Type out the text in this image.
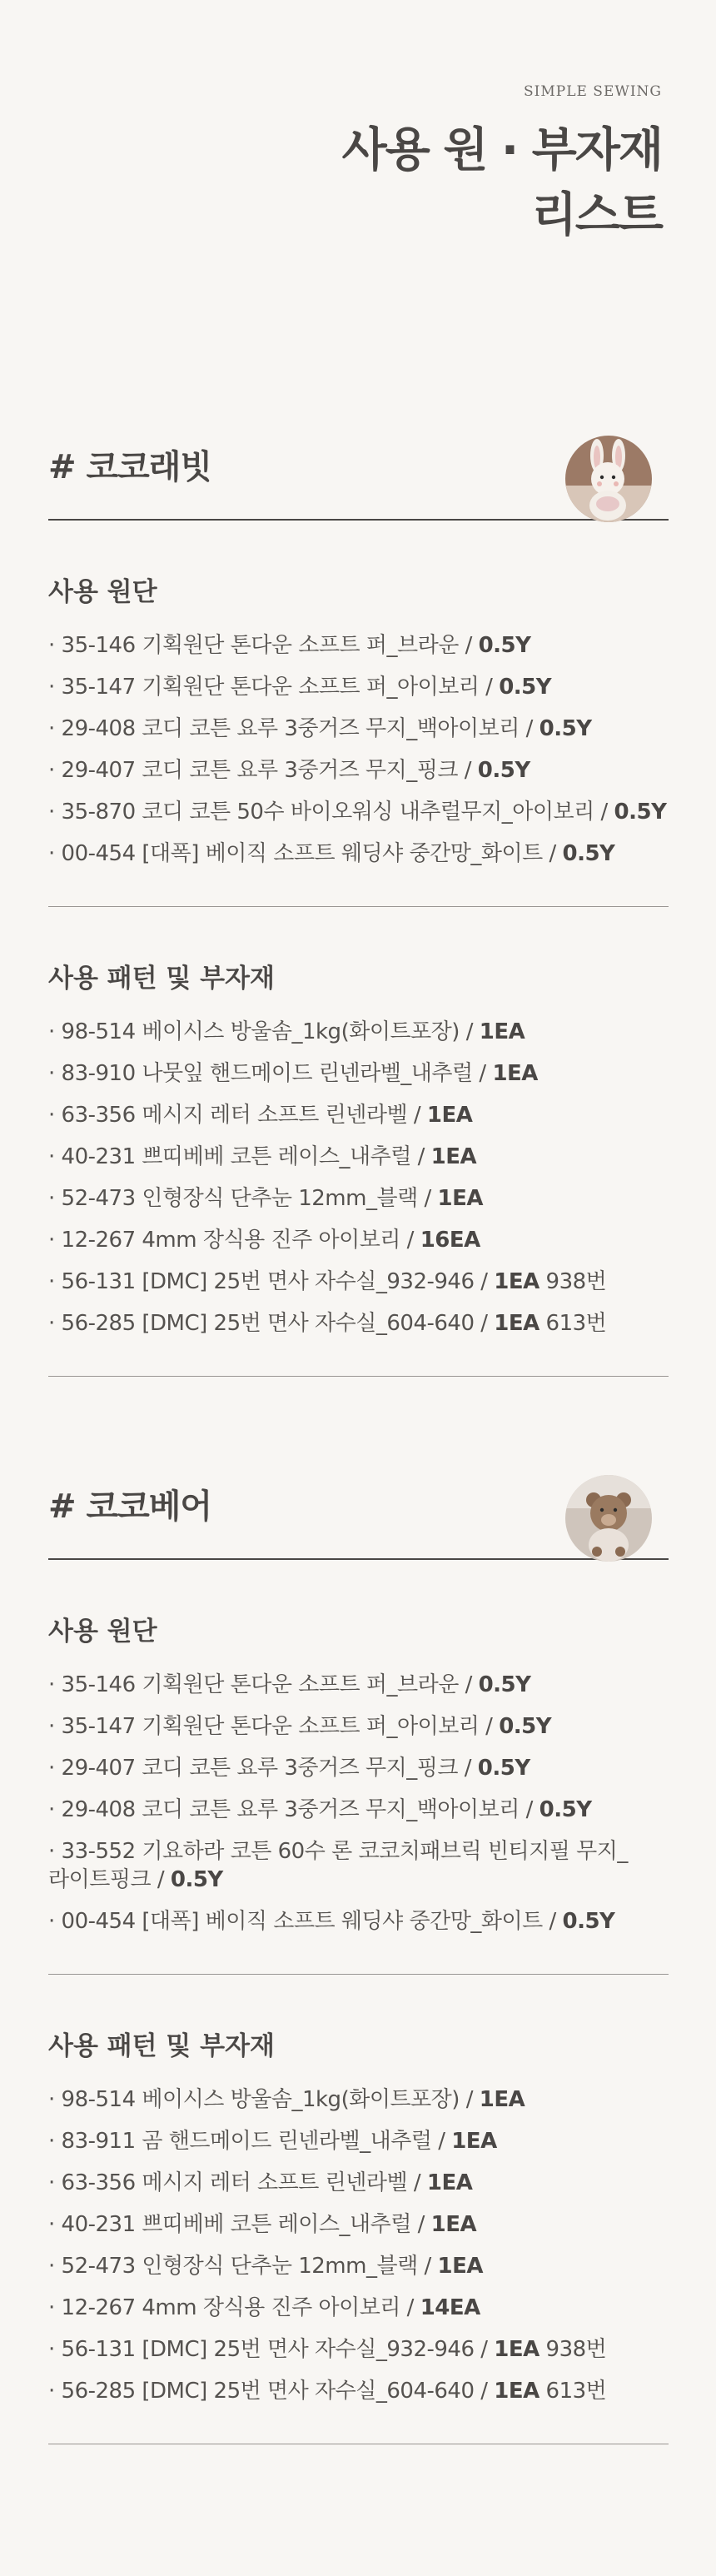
SIMPLE SEWING
사용 원 · 부자재
리스트
# 코코래빗
사용 원단
· 35-146 기획원단 톤다운 소프트 퍼_브라운 / 0.5Y
· 35-147 기획원단 톤다운 소프트 퍼_아이보리 / 0.5Y
· 29-408 코디 코튼 요루 3중거즈 무지_백아이보리 / 0.5Y
· 29-407 코디 코튼 요루 3중거즈 무지_핑크 / 0.5Y
· 35-870 코디 코튼 50수 바이오워싱 내추럴무지_아이보리 / 0.5Y
· 00-454 [대폭] 베이직 소프트 웨딩샤 중간망_화이트 / 0.5Y
사용 패턴 및 부자재
· 98-514 베이시스 방울솜_1kg(화이트포장) / 1EA
· 83-910 나뭇잎 핸드메이드 린넨라벨_내추럴 / 1EA
· 63-356 메시지 레터 소프트 린넨라벨 / 1EA
· 40-231 쁘띠베베 코튼 레이스_내추럴 / 1EA
· 52-473 인형장식 단추눈 12mm_블랙 / 1EA
· 12-267 4mm 장식용 진주 아이보리 / 16EA
· 56-131 [DMC] 25번 면사 자수실_932-946 / 1EA 938번
· 56-285 [DMC] 25번 면사 자수실_604-640 / 1EA 613번
# 코코베어
사용 원단
· 35-146 기획원단 톤다운 소프트 퍼_브라운 / 0.5Y
· 35-147 기획원단 톤다운 소프트 퍼_아이보리 / 0.5Y
· 29-407 코디 코튼 요루 3중거즈 무지_핑크 / 0.5Y
· 29-408 코디 코튼 요루 3중거즈 무지_백아이보리 / 0.5Y
· 33-552 기요하라 코튼 60수 론 코코치패브릭 빈티지필 무지_라이트핑크 / 0.5Y
· 00-454 [대폭] 베이직 소프트 웨딩샤 중간망_화이트 / 0.5Y
사용 패턴 및 부자재
· 98-514 베이시스 방울솜_1kg(화이트포장) / 1EA
· 83-911 곰 핸드메이드 린넨라벨_내추럴 / 1EA
· 63-356 메시지 레터 소프트 린넨라벨 / 1EA
· 40-231 쁘띠베베 코튼 레이스_내추럴 / 1EA
· 52-473 인형장식 단추눈 12mm_블랙 / 1EA
· 12-267 4mm 장식용 진주 아이보리 / 14EA
· 56-131 [DMC] 25번 면사 자수실_932-946 / 1EA 938번
· 56-285 [DMC] 25번 면사 자수실_604-640 / 1EA 613번
